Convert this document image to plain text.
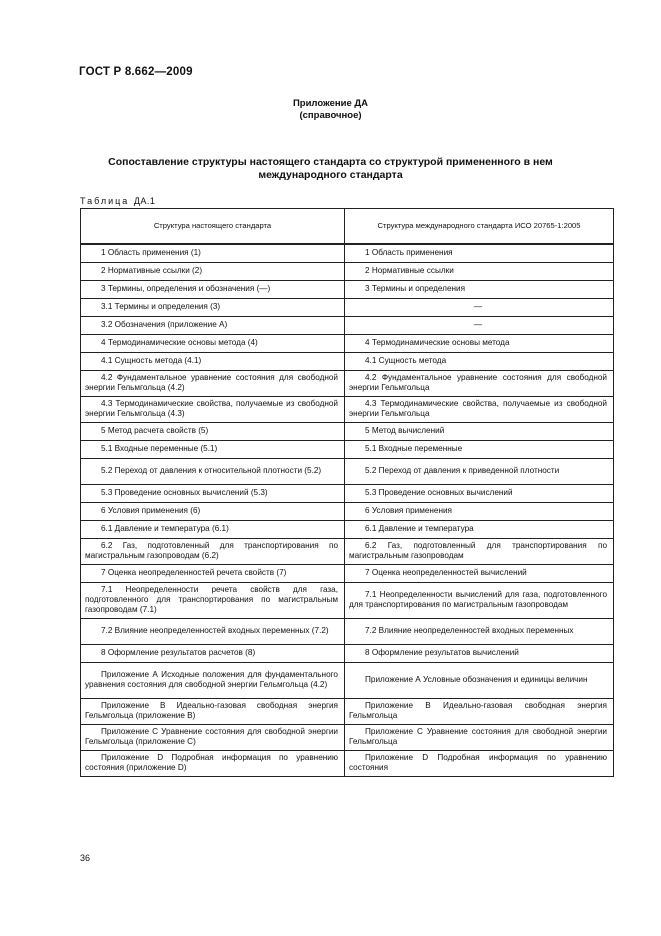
ГОСТ Р 8.662—2009
Приложение ДА
(справочное)
Сопоставление структуры настоящего стандарта со структурой примененного в нем
международного стандарта
Таблица ДА.1
Структура настоящего стандарта	Структура международного стандарта ИСО 20765-1:2005
1 Область применения (1)	1 Область применения
2 Нормативные ссылки (2)	2 Нормативные ссылки
3 Термины, определения и обозначения (—)	3 Термины и определения
3.1 Термины и определения (3)	—
3.2 Обозначения (приложение А)	—
4 Термодинамические основы метода (4)	4 Термодинамические основы метода
4.1 Сущность метода (4.1)	4.1 Сущность метода
4.2 Фундаментальное уравнение состояния для свободной энергии Гельмгольца (4.2)	4.2 Фундаментальное уравнение состояния для свободной энергии Гельмгольца
4.3 Термодинамические свойства, получаемые из свободной энергии Гельмгольца (4.3)	4.3 Термодинамические свойства, получаемые из свободной энергии Гельмгольца
5 Метод расчета свойств (5)	5 Метод вычислений
5.1 Входные переменные (5.1)	5.1 Входные переменные
5.2 Переход от давления к относительной плотности (5.2)	5.2 Переход от давления к приведенной плотности
5.3 Проведение основных вычислений (5.3)	5.3 Проведение основных вычислений
6 Условия применения (6)	6 Условия применения
6.1 Давление и температура (6.1)	6.1 Давление и температура
6.2 Газ, подготовленный для транспортирования по магистральным газопроводам (6.2)	6.2 Газ, подготовленный для транспортирования по магистральным газопроводам
7 Оценка неопределенностей речета свойств (7)	7 Оценка неопределенностей вычислений
7.1 Неопределенности речета свойств для газа, подготовленного для транспортирования по магистральным газопроводам (7.1)	7.1 Неопределенности вычислений для газа, подготовленного для транспортирования по магистральным газопроводам
7.2 Влияние неопределенностей входных переменных (7.2)	7.2 Влияние неопределенностей входных переменных
8 Оформление результатов расчетов (8)	8 Оформление результатов вычислений
Приложение А Исходные положения для фундаментального уравнения состояния для свободной энергии Гельмгольца (4.2)	Приложение А Условные обозначения и единицы величин
Приложение В Идеально-газовая свободная энергия Гельмгольца (приложение В)	Приложение В Идеально-газовая свободная энергия Гельмгольца
Приложение С Уравнение состояния для свободной энергии Гельмгольца (приложение С)	Приложение С Уравнение состояния для свободной энергии Гельмгольца
Приложение D Подробная информация по уравнению состояния (приложение D)	Приложение D Подробная информация по уравнению состояния
36
